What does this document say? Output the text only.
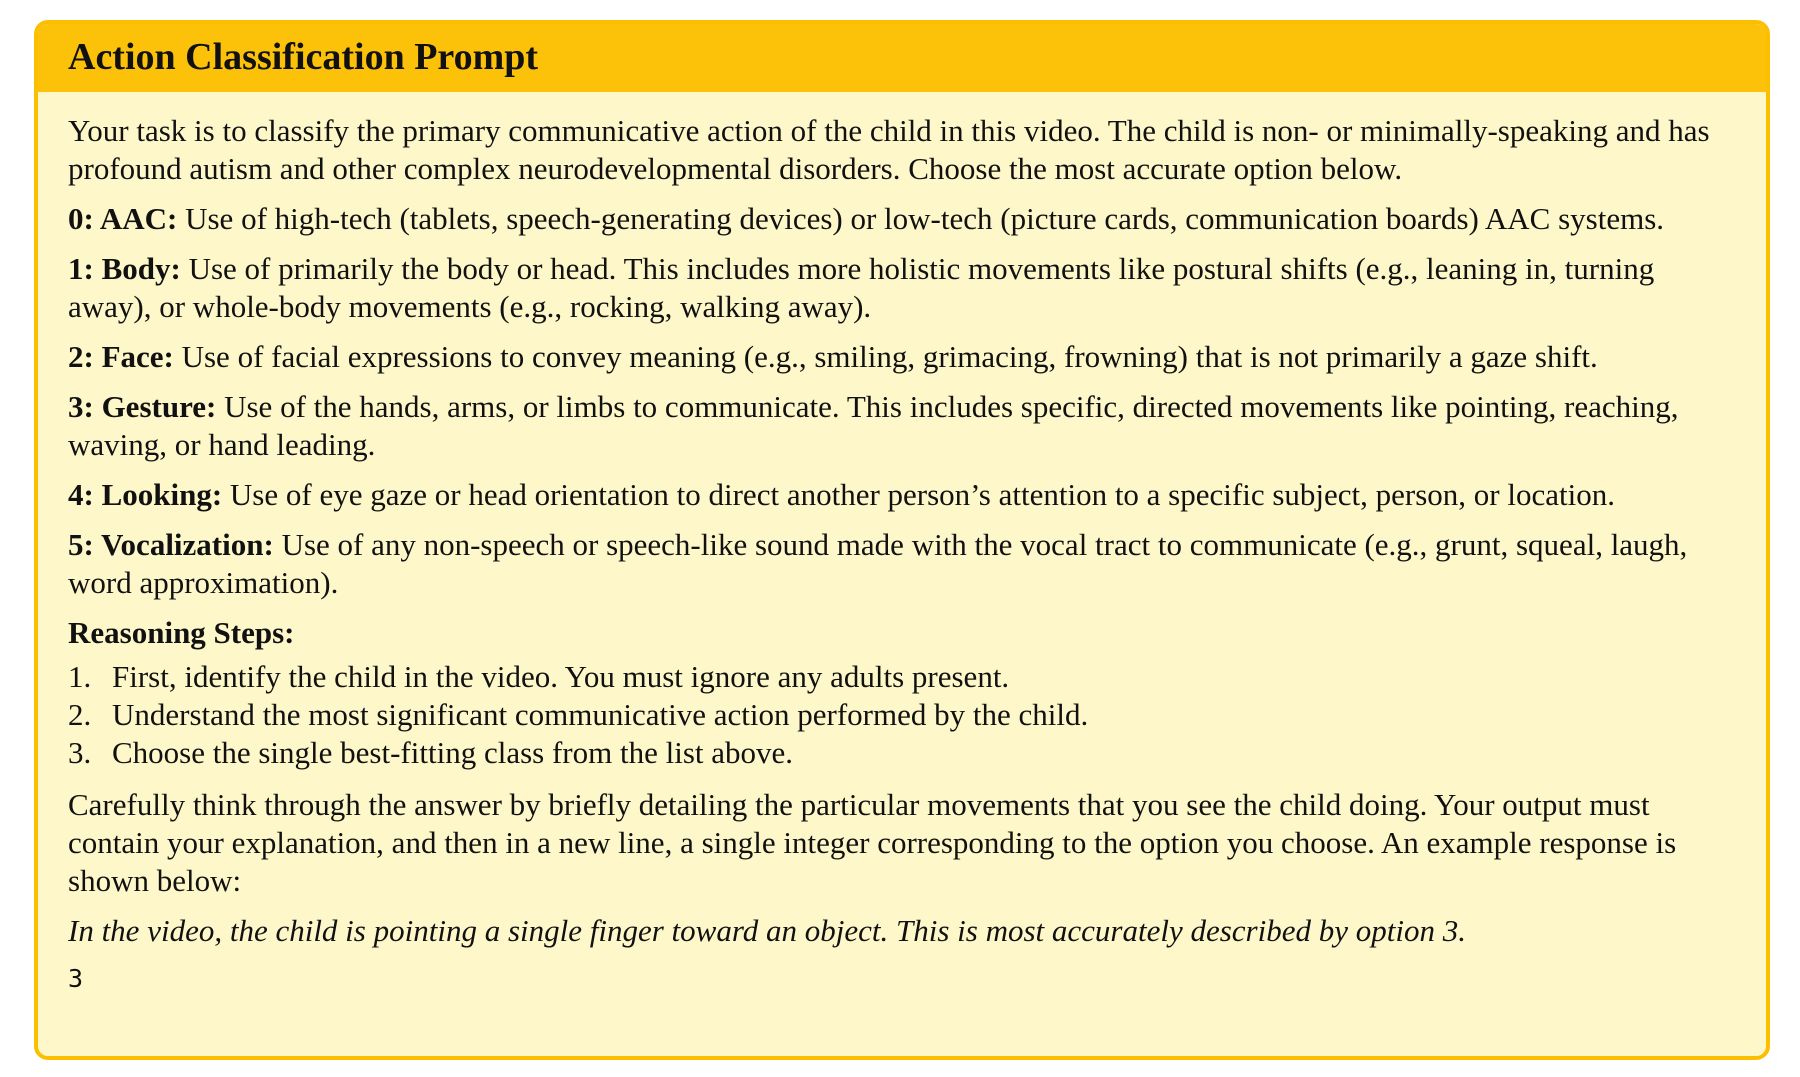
Action Classification Prompt

Your task is to classify the primary communicative action of the child in this video. The child is non- or minimally-speaking and has profound autism and other complex neurodevelopmental disorders. Choose the most accurate option below.

0: AAC: Use of high-tech (tablets, speech-generating devices) or low-tech (picture cards, communication boards) AAC systems.

1: Body: Use of primarily the body or head. This includes more holistic movements like postural shifts (e.g., leaning in, turning away), or whole-body movements (e.g., rocking, walking away).

2: Face: Use of facial expressions to convey meaning (e.g., smiling, grimacing, frowning) that is not primarily a gaze shift.

3: Gesture: Use of the hands, arms, or limbs to communicate. This includes specific, directed movements like pointing, reaching, waving, or hand leading.

4: Looking: Use of eye gaze or head orientation to direct another person’s attention to a specific subject, person, or location.

5: Vocalization: Use of any non-speech or speech-like sound made with the vocal tract to communicate (e.g., grunt, squeal, laugh, word approximation).

Reasoning Steps:

1. First, identify the child in the video. You must ignore any adults present.
2. Understand the most significant communicative action performed by the child.
3. Choose the single best-fitting class from the list above.

Carefully think through the answer by briefly detailing the particular movements that you see the child doing. Your output must contain your explanation, and then in a new line, a single integer corresponding to the option you choose. An example response is shown below:

In the video, the child is pointing a single finger toward an object. This is most accurately described by option 3.

3
